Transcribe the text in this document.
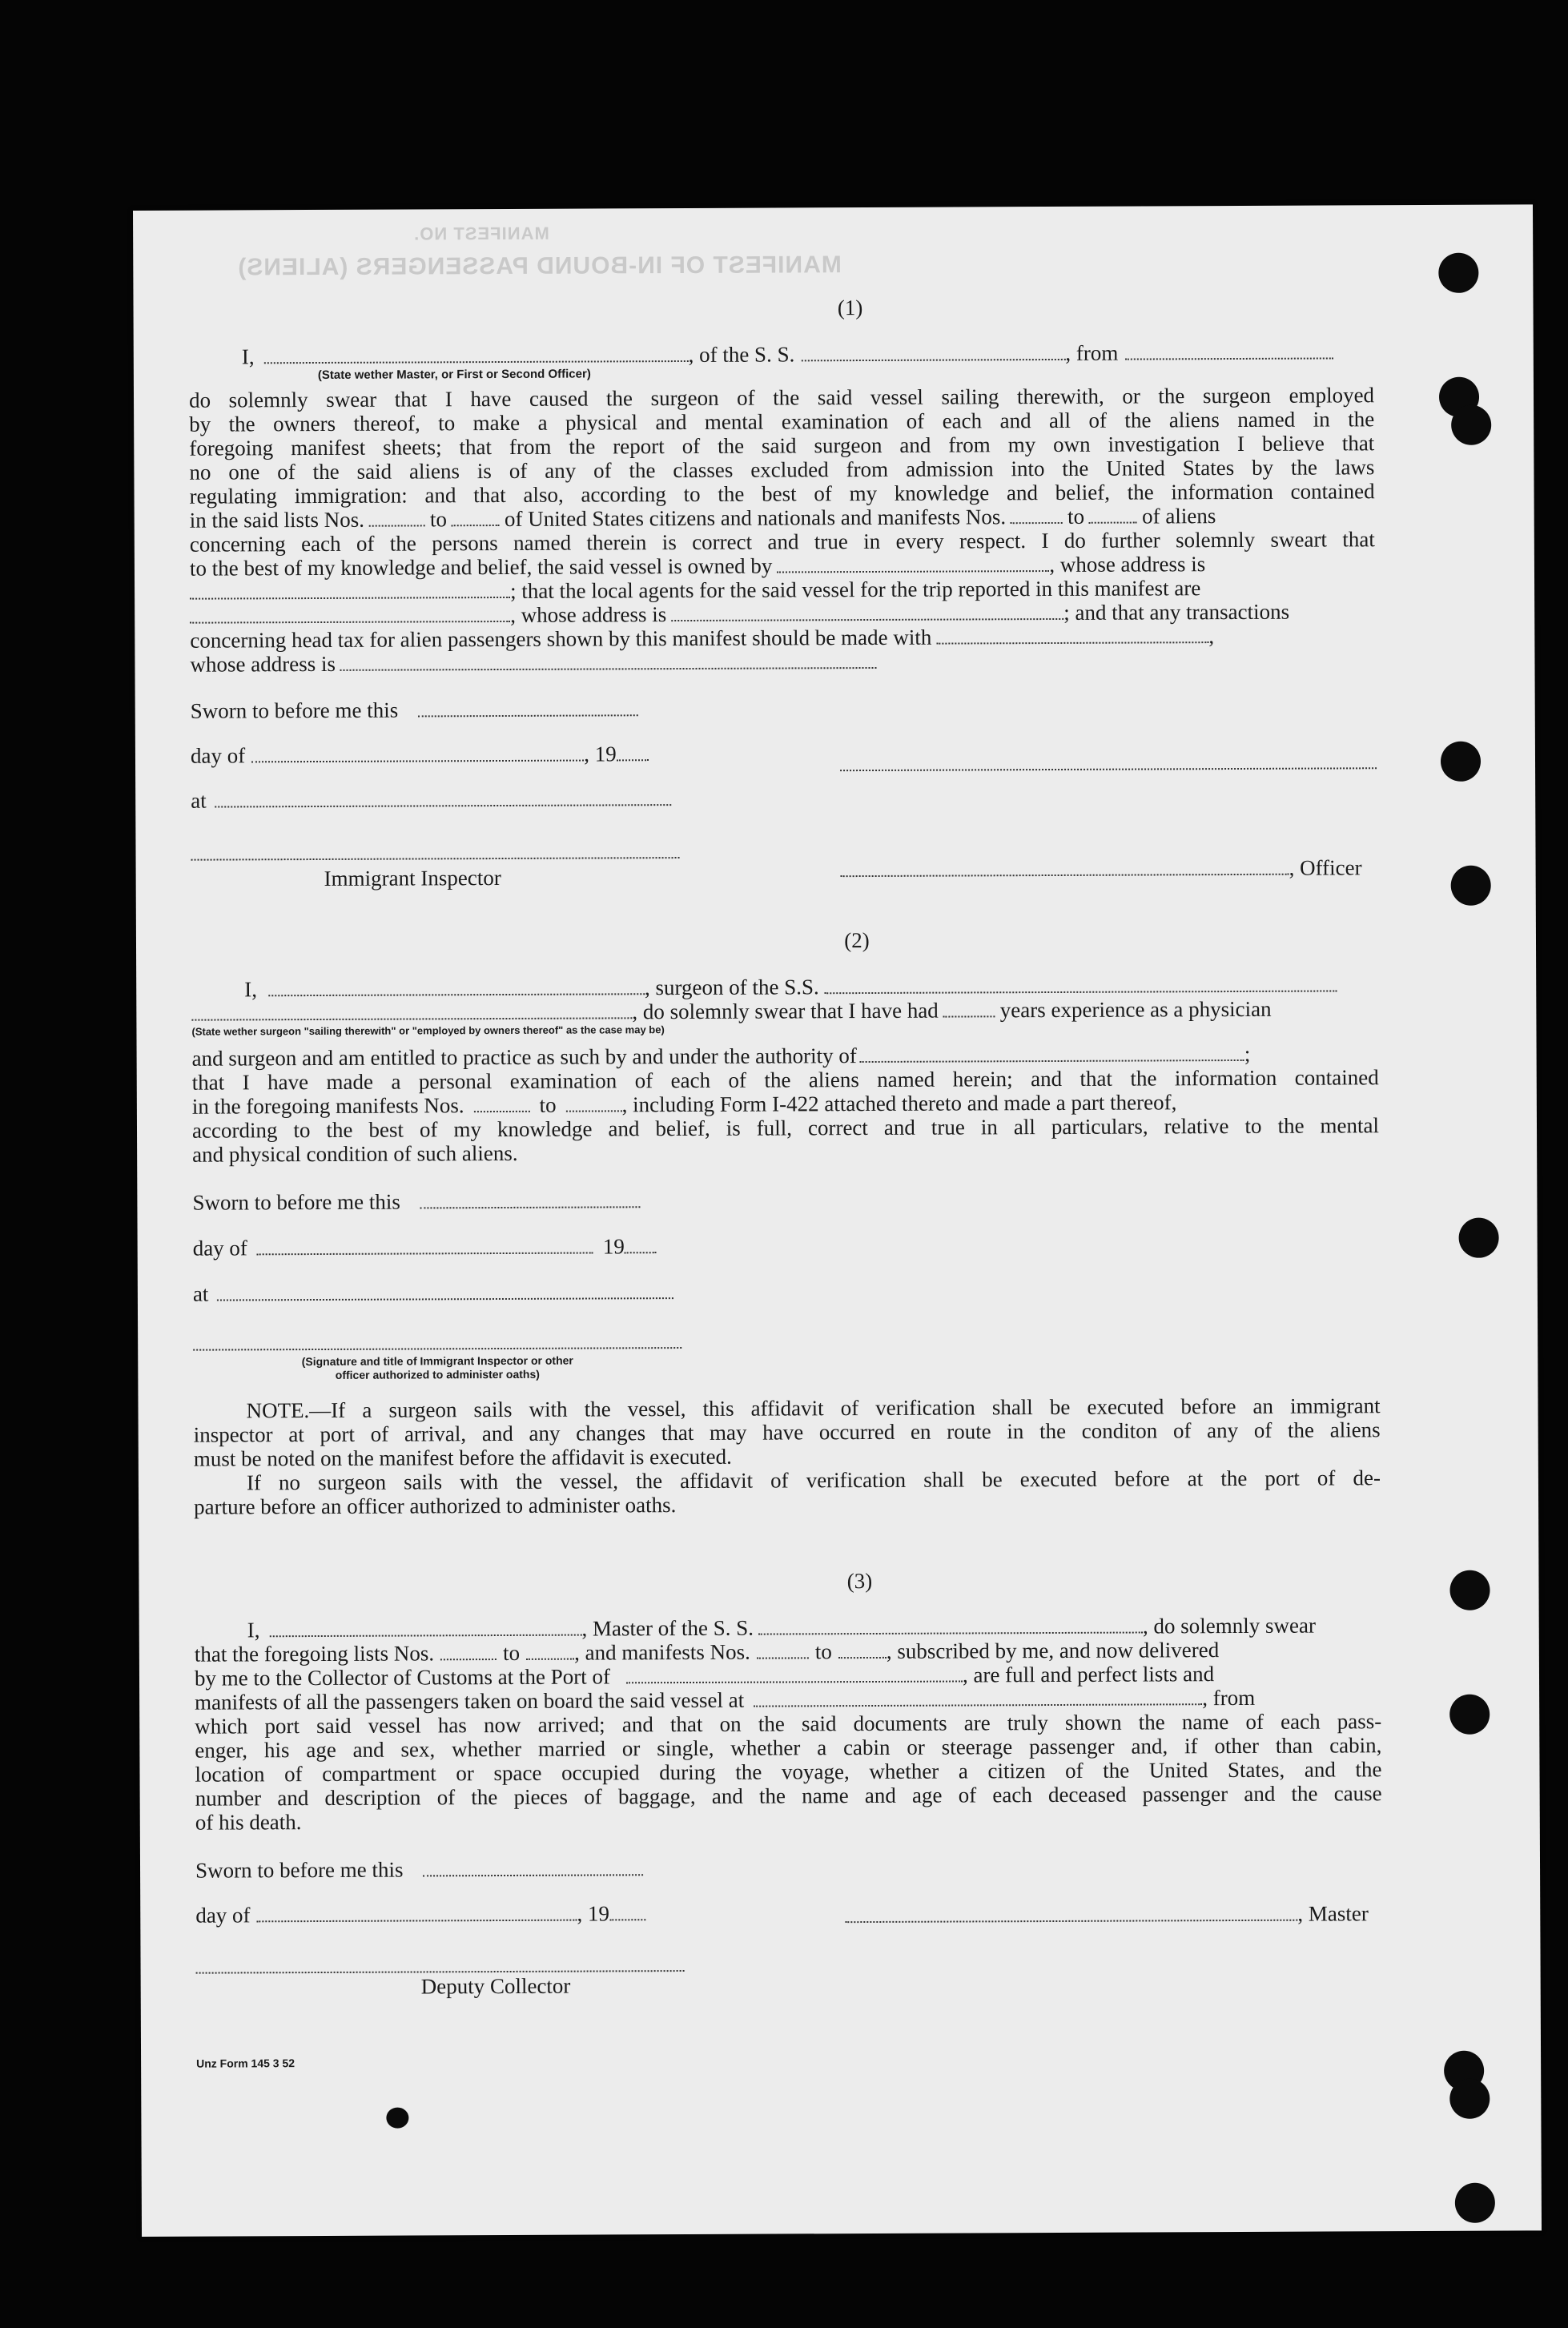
MANIFEST OF IN-BOUND PASSENGERS (ALIENS)
MANIFEST NO.
(1)
I,	, of the S. S.	, from
(State wether Master, or First or Second Officer)
do solemnly swear that I have caused the surgeon of the said vessel sailing therewith, or the surgeon employed
by the owners thereof, to make a physical and mental examination of each and all of the aliens named in the
foregoing manifest sheets; that from the report of the said surgeon and from my own investigation I believe that
no one of the said aliens is of any of the classes excluded from admission into the United States by the laws
regulating immigration: and that also, according to the best of my knowledge and belief, the information contained
in the said lists Nos.	to	of United States citizens and nationals and manifests Nos.	to	of aliens
concerning each of the persons named therein is correct and true in every respect. I do further solemnly sweart that
to the best of my knowledge and belief, the said vessel is owned by	, whose address is
; that the local agents for the said vessel for the trip reported in this manifest are
, whose address is	; and that any transactions
concerning head tax for alien passengers shown by this manifest should be made with	,
whose address is
Sworn to before me this
day of	, 19
at
Immigrant Inspector	, Officer
(2)
I,	, surgeon of the S.S.
, do solemnly swear that I have had	years experience as a physician
(State wether surgeon "sailing therewith" or "employed by owners thereof" as the case may be)
and surgeon and am entitled to practice as such by and under the authority of	;
that I have made a personal examination of each of the aliens named herein; and that the information contained
in the foregoing manifests Nos.	to	, including Form I-422 attached thereto and made a part thereof,
according to the best of my knowledge and belief, is full, correct and true in all particulars, relative to the mental
and physical condition of such aliens.
Sworn to before me this
day of	19
at
(Signature and title of Immigrant Inspector or other
officer authorized to administer oaths)
NOTE.—If a surgeon sails with the vessel, this affidavit of verification shall be executed before an immigrant
inspector at port of arrival, and any changes that may have occurred en route in the conditon of any of the aliens
must be noted on the manifest before the affidavit is executed.
If no surgeon sails with the vessel, the affidavit of verification shall be executed before at the port of de-
parture before an officer authorized to administer oaths.
(3)
I,	, Master of the S. S.	, do solemnly swear
that the foregoing lists Nos.	to	, and manifests Nos.	to	, subscribed by me, and now delivered
by me to the Collector of Customs at the Port of	, are full and perfect lists and
manifests of all the passengers taken on board the said vessel at	, from
which port said vessel has now arrived; and that on the said documents are truly shown the name of each pass-
enger, his age and sex, whether married or single, whether a cabin or steerage passenger and, if other than cabin,
location of compartment or space occupied during the voyage, whether a citizen of the United States, and the
number and description of the pieces of baggage, and the name and age of each deceased passenger and the cause
of his death.
Sworn to before me this
day of	, 19	, Master
Deputy Collector
Unz Form 145 3 52
